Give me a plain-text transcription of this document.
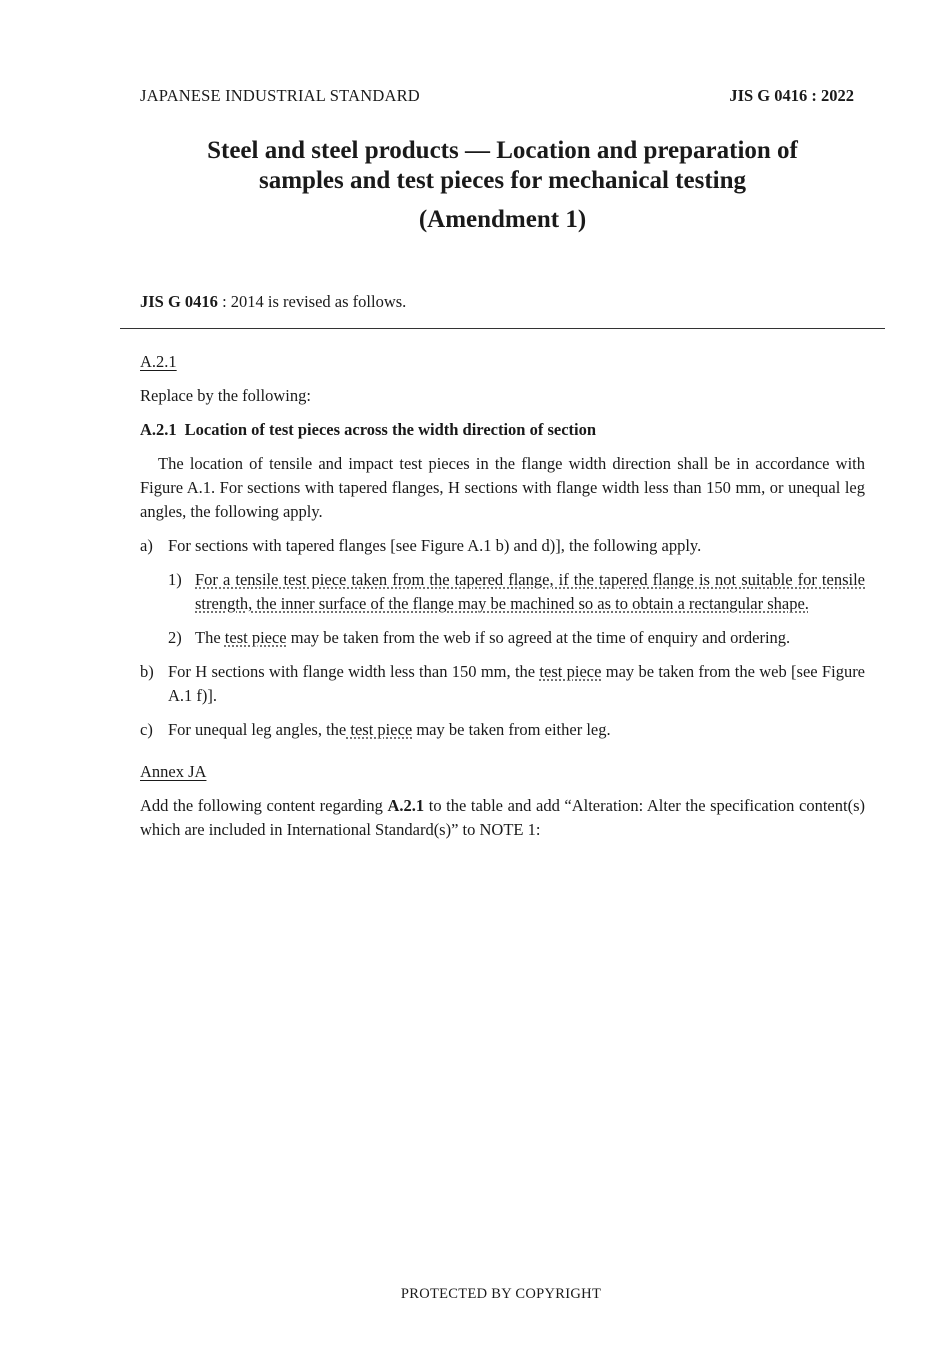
JAPANESE INDUSTRIAL STANDARD	JIS G 0416 : 2022
Steel and steel products — Location and preparation of
samples and test pieces for mechanical testing
(Amendment 1)
JIS G 0416 : 2014 is revised as follows.
A.2.1
Replace by the following:
A.2.1 Location of test pieces across the width direction of section
The location of tensile and impact test pieces in the flange width direction shall be in accordance with Figure A.1. For sections with tapered flanges, H sections with flange width less than 150 mm, or unequal leg angles, the following apply.
a) For sections with tapered flanges [see Figure A.1 b) and d)], the following apply.
1) For a tensile test piece taken from the tapered flange, if the tapered flange is not suitable for tensile strength, the inner surface of the flange may be machined so as to obtain a rectangular shape.
2) The test piece may be taken from the web if so agreed at the time of enquiry and ordering.
b) For H sections with flange width less than 150 mm, the test piece may be taken from the web [see Figure A.1 f)].
c) For unequal leg angles, the test piece may be taken from either leg.
Annex JA
Add the following content regarding A.2.1 to the table and add “Alteration: Alter the specification content(s) which are included in International Standard(s)” to NOTE 1:
PROTECTED BY COPYRIGHT
